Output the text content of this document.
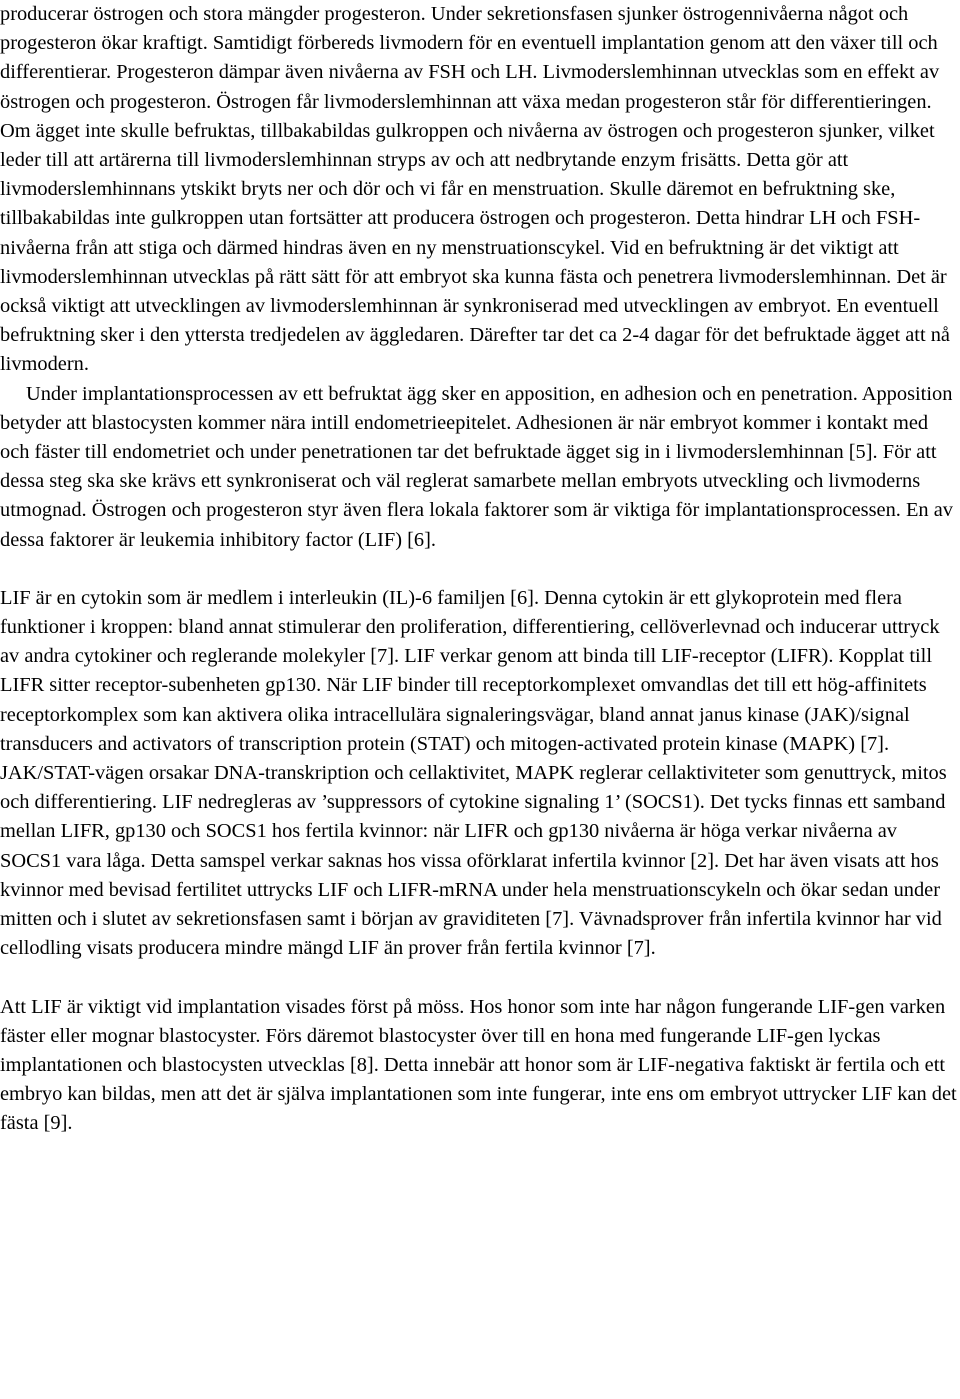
producerar östrogen och stora mängder progesteron. Under sekretionsfasen sjunker östrogennivåerna något och progesteron ökar kraftigt. Samtidigt förbereds livmodern för en eventuell implantation genom att den växer till och differentierar. Progesteron dämpar även nivåerna av FSH och LH. Livmoderslemhinnan utvecklas som en effekt av östrogen och progesteron. Östrogen får livmoderslemhinnan att växa medan progesteron står för differentieringen. Om ägget inte skulle befruktas, tillbakabildas gulkroppen och nivåerna av östrogen och progesteron sjunker, vilket leder till att artärerna till livmoderslemhinnan stryps av och att nedbrytande enzym frisätts. Detta gör att livmoderslemhinnans ytskikt bryts ner och dör och vi får en menstruation. Skulle däremot en befruktning ske, tillbakabildas inte gulkroppen utan fortsätter att producera östrogen och progesteron. Detta hindrar LH och FSH-nivåerna från att stiga och därmed hindras även en ny menstruationscykel. Vid en befruktning är det viktigt att livmoderslemhinnan utvecklas på rätt sätt för att embryot ska kunna fästa och penetrera livmoderslemhinnan. Det är också viktigt att utvecklingen av livmoderslemhinnan är synkroniserad med utvecklingen av embryot. En eventuell befruktning sker i den yttersta tredjedelen av äggledaren. Därefter tar det ca 2-4 dagar för det befruktade ägget att nå livmodern.

Under implantationsprocessen av ett befruktat ägg sker en apposition, en adhesion och en penetration. Apposition betyder att blastocysten kommer nära intill endometrieepitelet. Adhesionen är när embryot kommer i kontakt med och fäster till endometriet och under penetrationen tar det befruktade ägget sig in i livmoderslemhinnan [5]. För att dessa steg ska ske krävs ett synkroniserat och väl reglerat samarbete mellan embryots utveckling och livmoderns utmognad. Östrogen och progesteron styr även flera lokala faktorer som är viktiga för implantationsprocessen. En av dessa faktorer är leukemia inhibitory factor (LIF) [6].

LIF är en cytokin som är medlem i interleukin (IL)-6 familjen [6]. Denna cytokin är ett glykoprotein med flera funktioner i kroppen: bland annat stimulerar den proliferation, differentiering, cellöverlevnad och inducerar uttryck av andra cytokiner och reglerande molekyler [7]. LIF verkar genom att binda till LIF-receptor (LIFR). Kopplat till LIFR sitter receptor-subenheten gp130. När LIF binder till receptorkomplexet omvandlas det till ett hög-affinitets receptorkomplex som kan aktivera olika intracellulära signaleringsvägar, bland annat janus kinase (JAK)/signal transducers and activators of transcription protein (STAT) och mitogen-activated protein kinase (MAPK) [7]. JAK/STAT-vägen orsakar DNA-transkription och cellaktivitet, MAPK reglerar cellaktiviteter som genuttryck, mitos och differentiering. LIF nedregleras av ’suppressors of cytokine signaling 1’ (SOCS1). Det tycks finnas ett samband mellan LIFR, gp130 och SOCS1 hos fertila kvinnor: när LIFR och gp130 nivåerna är höga verkar nivåerna av SOCS1 vara låga. Detta samspel verkar saknas hos vissa oförklarat infertila kvinnor [2]. Det har även visats att hos kvinnor med bevisad fertilitet uttrycks LIF och LIFR-mRNA under hela menstruationscykeln och ökar sedan under mitten och i slutet av sekretionsfasen samt i början av graviditeten [7]. Vävnadsprover från infertila kvinnor har vid cellodling visats producera mindre mängd LIF än prover från fertila kvinnor [7].

Att LIF är viktigt vid implantation visades först på möss. Hos honor som inte har någon fungerande LIF-gen varken fäster eller mognar blastocyster. Förs däremot blastocyster över till en hona med fungerande LIF-gen lyckas implantationen och blastocysten utvecklas [8]. Detta innebär att honor som är LIF-negativa faktiskt är fertila och ett embryo kan bildas, men att det är själva implantationen som inte fungerar, inte ens om embryot uttrycker LIF kan det fästa [9].
